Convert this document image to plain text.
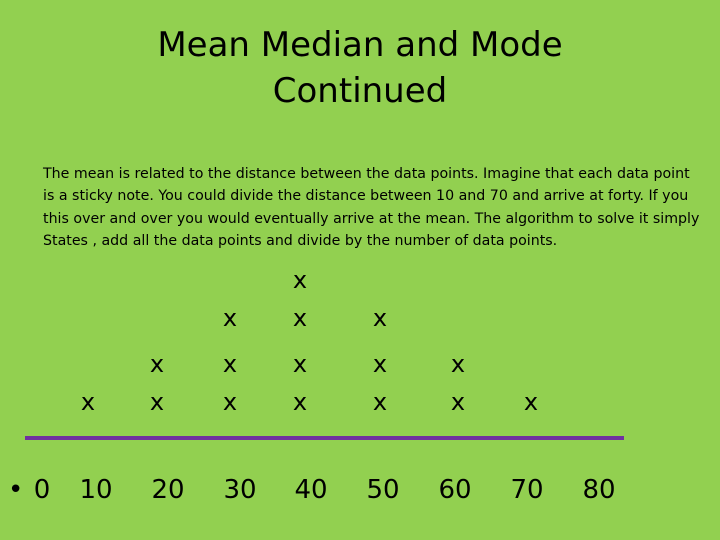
Mean Median and Mode
Continued
The mean is related to the distance between the data points. Imagine that each data point
is a sticky note. You could divide the distance between 10 and 70 and arrive at forty. If you
this over and over you would eventually arrive at the mean. The algorithm to solve it simply
States , add all the data points and divide by the number of data points.
x	x
x
x
x
x
x
x
x
x
x
x
x
x
x
x
• 0	10	20	30	40	50	60	70	80
